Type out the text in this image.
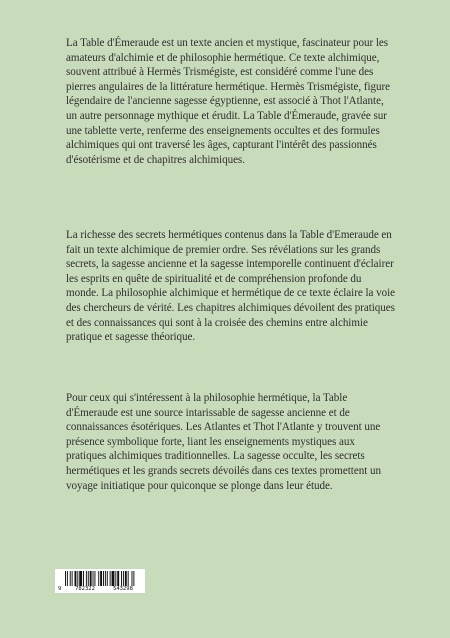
La Table d'Émeraude est un texte ancien et mystique, fascinateur pour les amateurs d'alchimie et de philosophie hermétique. Ce texte alchimique, souvent attribué à Hermès Trismégiste, est considéré comme l'une des pierres angulaires de la littérature hermétique. Hermès Trismégiste, figure légendaire de l'ancienne sagesse égyptienne, est associé à Thot l'Atlante, un autre personnage mythique et érudit. La Table d'Émeraude, gravée sur une tablette verte, renferme des enseignements occultes et des formules alchimiques qui ont traversé les âges, capturant l'intérêt des passionnés d'ésotérisme et de chapitres alchimiques.

La richesse des secrets hermétiques contenus dans la Table d'Emeraude en fait un texte alchimique de premier ordre. Ses révélations sur les grands secrets, la sagesse ancienne et la sagesse intemporelle continuent d'éclairer les esprits en quête de spiritualité et de compréhension profonde du monde. La philosophie alchimique et hermétique de ce texte éclaire la voie des chercheurs de vérité. Les chapitres alchimiques dévoilent des pratiques et des connaissances qui sont à la croisée des chemins entre alchimie pratique et sagesse théorique.

Pour ceux qui s'intéressent à la philosophie hermétique, la Table d'Émeraude est une source intarissable de sagesse ancienne et de connaissances ésotériques. Les Atlantes et Thot l'Atlante y trouvent une présence symbolique forte, liant les enseignements mystiques aux pratiques alchimiques traditionnelles. La sagesse occulte, les secrets hermétiques et les grands secrets dévoilés dans ces textes promettent un voyage initiatique pour quiconque se plonge dans leur étude.

9	782322	543298
